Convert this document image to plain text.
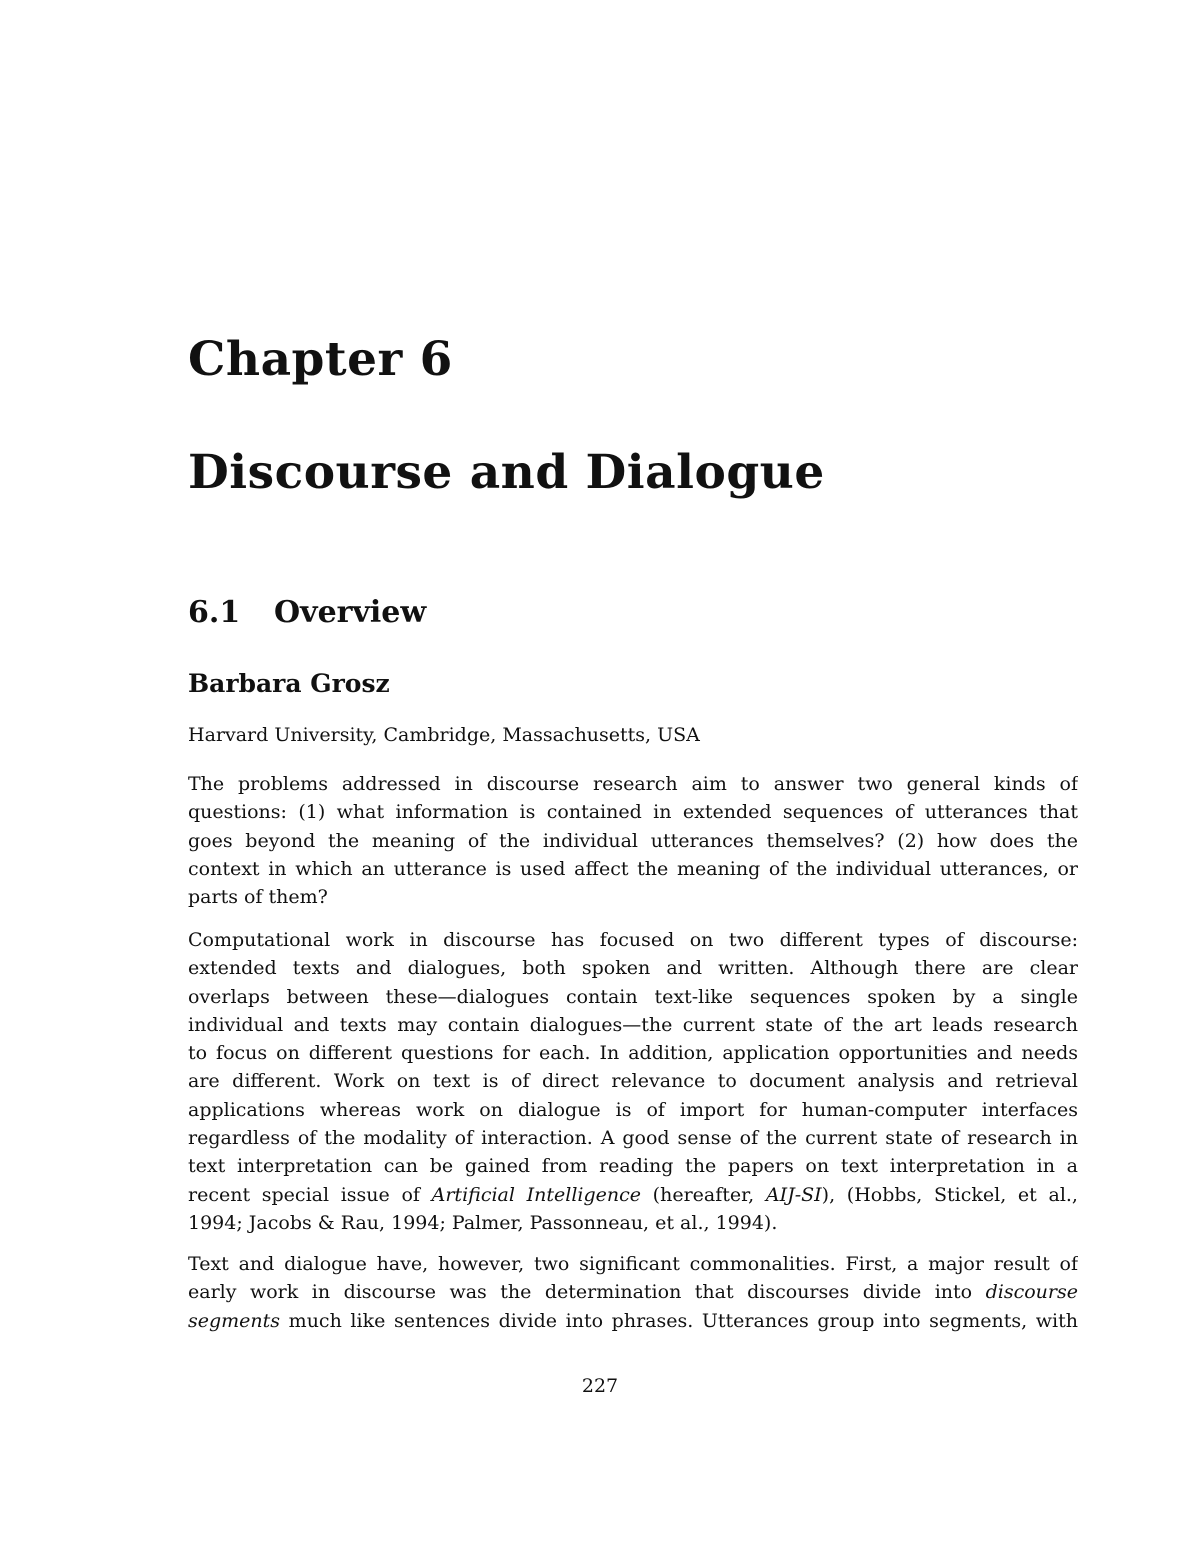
Chapter 6
Discourse and Dialogue
6.1 Overview
Barbara Grosz
Harvard University, Cambridge, Massachusetts, USA
The problems addressed in discourse research aim to answer two general kinds of
questions: (1) what information is contained in extended sequences of utterances that
goes beyond the meaning of the individual utterances themselves? (2) how does the
context in which an utterance is used affect the meaning of the individual utterances, or
parts of them?
Computational work in discourse has focused on two different types of discourse:
extended texts and dialogues, both spoken and written. Although there are clear
overlaps between these—dialogues contain text-like sequences spoken by a single
individual and texts may contain dialogues—the current state of the art leads research
to focus on different questions for each. In addition, application opportunities and needs
are different. Work on text is of direct relevance to document analysis and retrieval
applications whereas work on dialogue is of import for human-computer interfaces
regardless of the modality of interaction. A good sense of the current state of research in
text interpretation can be gained from reading the papers on text interpretation in a
recent special issue of Artificial Intelligence (hereafter, AIJ-SI), (Hobbs, Stickel, et al.,
1994; Jacobs & Rau, 1994; Palmer, Passonneau, et al., 1994).
Text and dialogue have, however, two significant commonalities. First, a major result of
early work in discourse was the determination that discourses divide into discourse
segments much like sentences divide into phrases. Utterances group into segments, with
227
